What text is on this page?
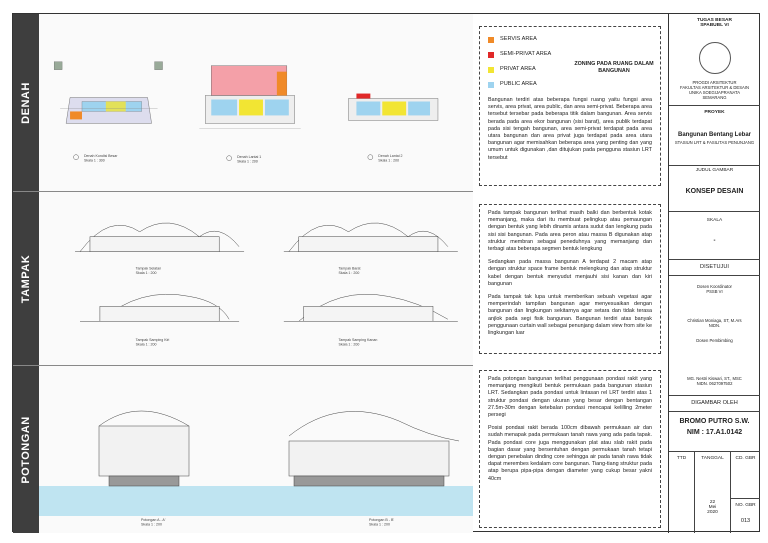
DENAH
Denah Kondisi Besar Skala 1 : 300
Denah Lantai 1 Skala 1 : 200
Denah Lantai 2 Skala 1 : 200
TAMPAK	Tampak Selatan Skala 1 : 200
Tampak Barat Skala 1 : 200
Tampak Samping Kiri Skala 1 : 200
Tampak Samping Kanan Skala 1 : 200
POTONGAN
Potongan A - A' Skala 1 : 200
Potongan B - B' Skala 1 : 200
SERVIS AREA
SEMI-PRIVAT AREA
PRIVAT AREA
PUBLIC AREA
ZONING PADA RUANG DALAM BANGUNAN

Bangunan terdiri atas beberapa fungsi ruang yaitu fungsi area servis, area privat, area public, dan area semi-privat. Beberapa area tersebut tersebar pada beberapa titik dalam bangunan. Area servis berada pada area ekor bangunan (sisi barat), area publik terdapat pada sisi tengah bangunan, area semi-privat terdapat pada area utara bangunan dan area privat juga terdapat pada area utara bangunan agar memisahkan beberapa area yang penting dan yang umum untuk digunakan ,dan ditujukan pada pengguna stasiun LRT tersebut

Pada tampak bangunan terlihat masih balki dan berbentuk kotak memanjang, maka dari itu membuat pelingkup atau pemaungan dengan bentuk yang lebih dinamis antara sudut dan lengkung pada sisi sisi bangunan. Pada area peron atau massa B digunakan atap struktur membran sebagai peneduhnya yang memanjang dan terbagi atas beberapa segmen bentuk lengkung

Sedangkan pada massa bangunan A terdapat 2 macam atap dengan struktur space frame bentuk melengkung dan atap struktur kabel dengan bentuk menyudut menjauhi sisi kanan dan kiri bangunan

Pada tampak tak lupa untuk memberikan sebuah vegetasi agar memperindah tampilan bangunan agar menyesuaikan dengan bangunan dan lingkungan sekitarnya agar setara dan tidak terasa anjlok pada segi fisik bangunan. Bangunan terdiri atas banyak penggunaan curtain wall sebagai penunjang dalam view from site ke lingkungan luar

Pada potongan bangunan terlihat penggunaan pondasi rakit yang memanjang mengikuti bentuk permukaan pada bangunan stasiun LRT. Sedangkan pada pondasi untuk lintasan rel LRT terdiri atas 1 struktur pondasi dengan ukuran yang besar dengan bentangan 27.5m-30m dengan ketebalan pondasi mencapai kelilling 2meter persegi

Posisi pondasi rakit berada 100cm dibawah permukaan air dan sudah menapak pada permukaan tanah rawa yang ada pada tapak. Pada pondasi core juga menggunakan plat atau slab rakit pada bagian dasar yang bersentuhan dengan permukaan tanah tetapi dengan penebalan dinding core sehingga air pada tanah rawa tidak dapat merembes kedalam core bangunan. Tiang-tiang struktur pada atap berupa pipa-pipa dengan diameter yang cukup besar yakni 40cm

TUGAS BESAR
SPABUBL VI
PROGDI ARSITEKTUR
FAKULTAS ARSITEKTUR & DESAIN
UNIKA SOEGIJAPRANATA
SEMARANG
PROYEK
Bangunan Bentang Lebar
STASIUN LRT & FASILITAS PENUNJANG
JUDUL GAMBAR
KONSEP DESAIN
SKALA
-
DISETUJUI
Dosen Koordinator
PSSB VI
Christian Moniaga, ST, M.Ars
NIDN.
Dosen Pembimbing
MG. Nestri Kiswari, ST., MSC
NIDN. 0627097502
DIGAMBAR OLEH
BROMO PUTRO S.W.
NIM : 17.A1.0142
TTD	TANGGAL
22
Mei
2020
CD. GBR
NO. GBR
013
